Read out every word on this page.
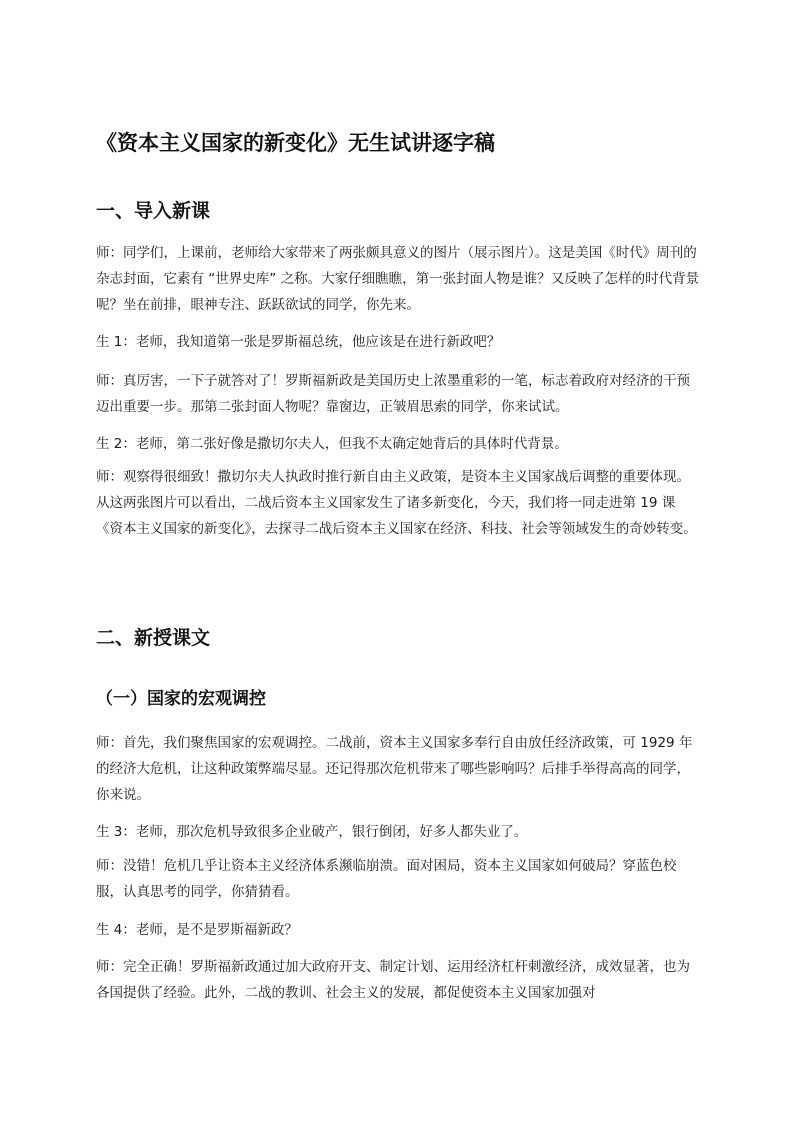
《资本主义国家的新变化》无生试讲逐字稿
一、导入新课

师：同学们，上课前，老师给大家带来了两张颇具意义的图片（展示图片）。这是美国《时代》周刊的杂志封面，它素有 “世界史库” 之称。大家仔细瞧瞧，第一张封面人物是谁？又反映了怎样的时代背景呢？坐在前排，眼神专注、跃跃欲试的同学，你先来。

生 1：老师，我知道第一张是罗斯福总统，他应该是在进行新政吧？

师：真厉害，一下子就答对了！罗斯福新政是美国历史上浓墨重彩的一笔，标志着政府对经济的干预迈出重要一步。那第二张封面人物呢？靠窗边，正皱眉思索的同学，你来试试。

生 2：老师，第二张好像是撒切尔夫人，但我不太确定她背后的具体时代背景。

师：观察得很细致！撒切尔夫人执政时推行新自由主义政策，是资本主义国家战后调整的重要体现。从这两张图片可以看出，二战后资本主义国家发生了诸多新变化，今天，我们将一同走进第 19 课《资本主义国家的新变化》，去探寻二战后资本主义国家在经济、科技、社会等领域发生的奇妙转变。

二、新授课文
（一）国家的宏观调控

师：首先，我们聚焦国家的宏观调控。二战前，资本主义国家多奉行自由放任经济政策，可 1929 年的经济大危机，让这种政策弊端尽显。还记得那次危机带来了哪些影响吗？后排手举得高高的同学，你来说。

生 3：老师，那次危机导致很多企业破产，银行倒闭，好多人都失业了。

师：没错！危机几乎让资本主义经济体系濒临崩溃。面对困局，资本主义国家如何破局？穿蓝色校服，认真思考的同学，你猜猜看。

生 4：老师，是不是罗斯福新政？

师：完全正确！罗斯福新政通过加大政府开支、制定计划、运用经济杠杆刺激经济，成效显著，也为各国提供了经验。此外，二战的教训、社会主义的发展，都促使资本主义国家加强对
